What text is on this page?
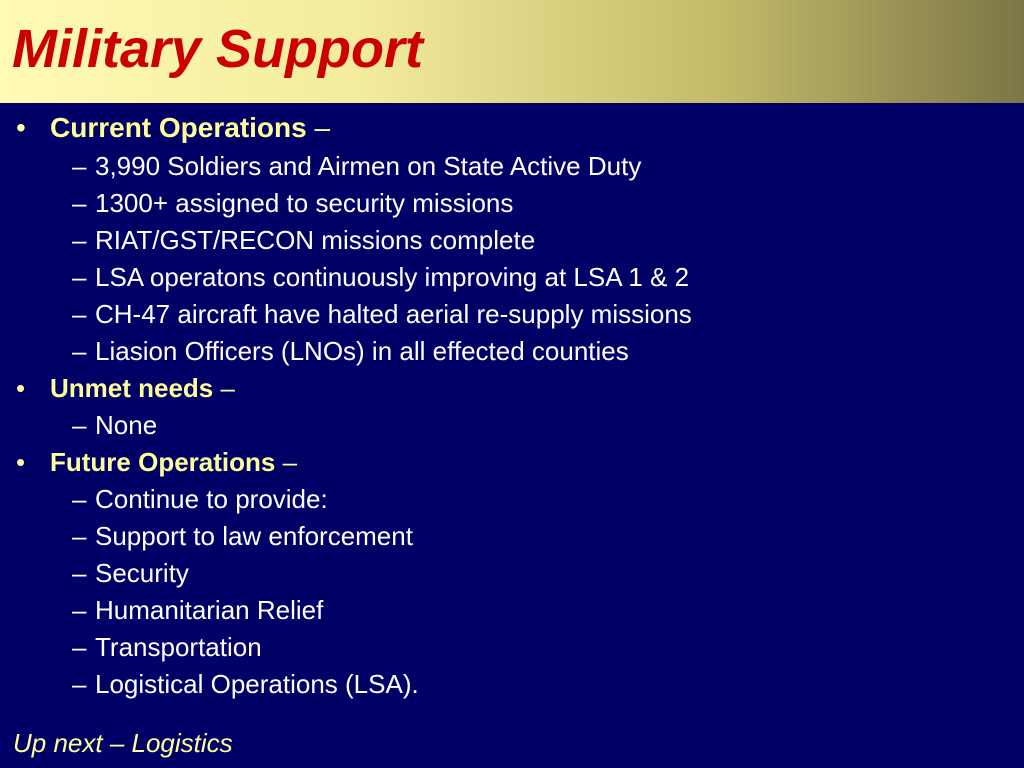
Military Support
• Current Operations –
– 3,990 Soldiers and Airmen on State Active Duty
– 1300+ assigned to security missions
– RIAT/GST/RECON missions complete
– LSA operatons continuously improving at LSA 1 & 2
– CH-47 aircraft have halted aerial re-supply missions
– Liasion Officers (LNOs) in all effected counties
• Unmet needs –
– None
• Future Operations –
– Continue to provide:
– Support to law enforcement
– Security
– Humanitarian Relief
– Transportation
– Logistical Operations (LSA).
Up next – Logistics
